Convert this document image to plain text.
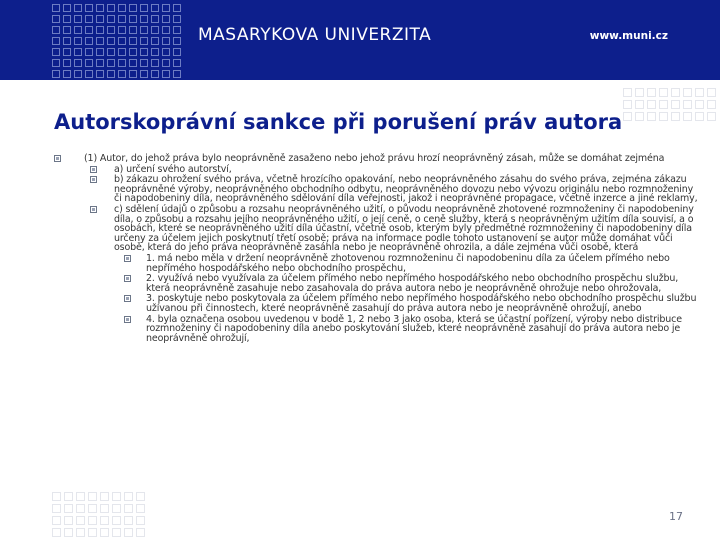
MASARYKOVA UNIVERZITA	www.muni.cz
Autorskoprávní sankce při porušení práv autora

(1) Autor, do jehož práva bylo neoprávněně zasaženo nebo jehož právu hrozí neoprávněný zásah, může se domáhat zejména

a) určení svého autorství,

b) zákazu ohrožení svého práva, včetně hrozícího opakování, nebo neoprávněného zásahu do svého práva, zejména zákazu neoprávněné výroby, neoprávněného obchodního odbytu, neoprávněného dovozu nebo vývozu originálu nebo rozmnoženiny či napodobeniny díla, neoprávněného sdělování díla veřejnosti, jakož i neoprávněné propagace, včetně inzerce a jiné reklamy,

c) sdělení údajů o způsobu a rozsahu neoprávněného užití, o původu neoprávněně zhotovené rozmnoženiny či napodobeniny díla, o způsobu a rozsahu jejího neoprávněného užití, o její ceně, o ceně služby, která s neoprávněným užitím díla souvisí, a o osobách, které se neoprávněného užití díla účastní, včetně osob, kterým byly předmětné rozmnoženiny či napodobeniny díla určeny za účelem jejich poskytnutí třetí osobě; práva na informace podle tohoto ustanovení se autor může domáhat vůči osobě, která do jeho práva neoprávněně zasáhla nebo je neoprávněně ohrozila, a dále zejména vůči osobě, která

1. má nebo měla v držení neoprávněně zhotovenou rozmnoženinu či napodobeninu díla za účelem přímého nebo nepřímého hospodářského nebo obchodního prospěchu,

2. využívá nebo využívala za účelem přímého nebo nepřímého hospodářského nebo obchodního prospěchu službu, která neoprávněně zasahuje nebo zasahovala do práva autora nebo je neoprávněně ohrožuje nebo ohrožovala,

3. poskytuje nebo poskytovala za účelem přímého nebo nepřímého hospodářského nebo obchodního prospěchu službu užívanou při činnostech, které neoprávněně zasahují do práva autora nebo je neoprávněně ohrožují, anebo

4. byla označena osobou uvedenou v bodě 1, 2 nebo 3 jako osoba, která se účastní pořízení, výroby nebo distribuce rozmnoženiny či napodobeniny díla anebo poskytování služeb, které neoprávněně zasahují do práva autora nebo je neoprávněně ohrožují,

17
